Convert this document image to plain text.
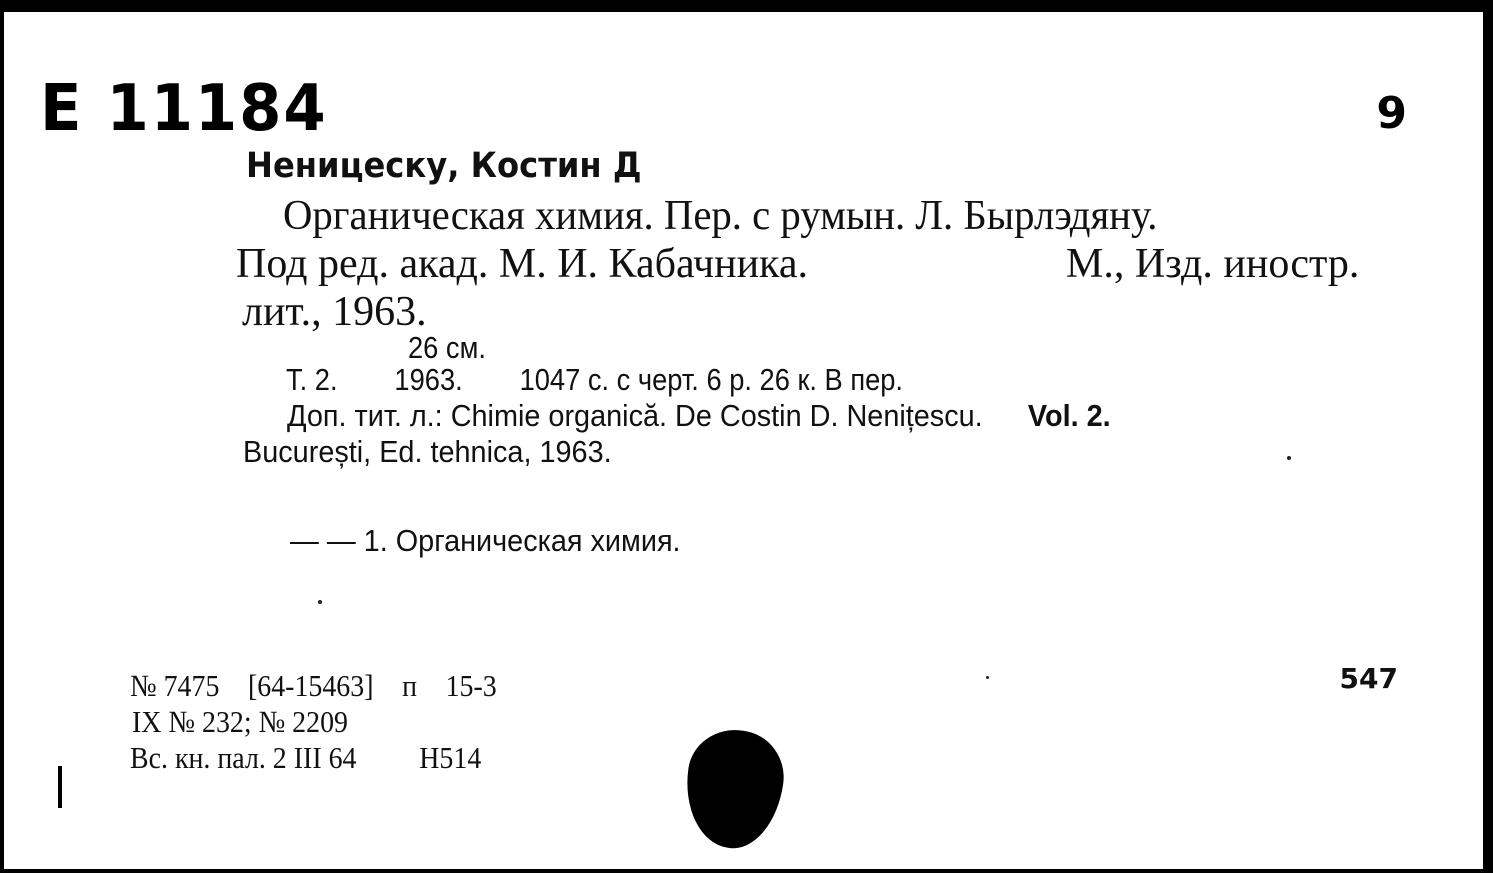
E 11184	9
Неницеску, Костин Д
Органическая химия. Пер. с румын. Л. Бырлэдяну.
Под ред. акад. М. И. Кабачника.	М., Изд. иностр.
лит., 1963.
26 см.
Т. 2. 1963. 1047 с. с черт. 6 р. 26 к. В пер.
Доп. тит. л.: Chimie organică. De Costin D. Nenițescu. Vol. 2.
București, Ed. tehnica, 1963.
— — 1. Органическая химия.
№ 7475 [64-15463] п 15-3
IX № 232; № 2209
Вс. кн. пал. 2 III 64 Н514
547
